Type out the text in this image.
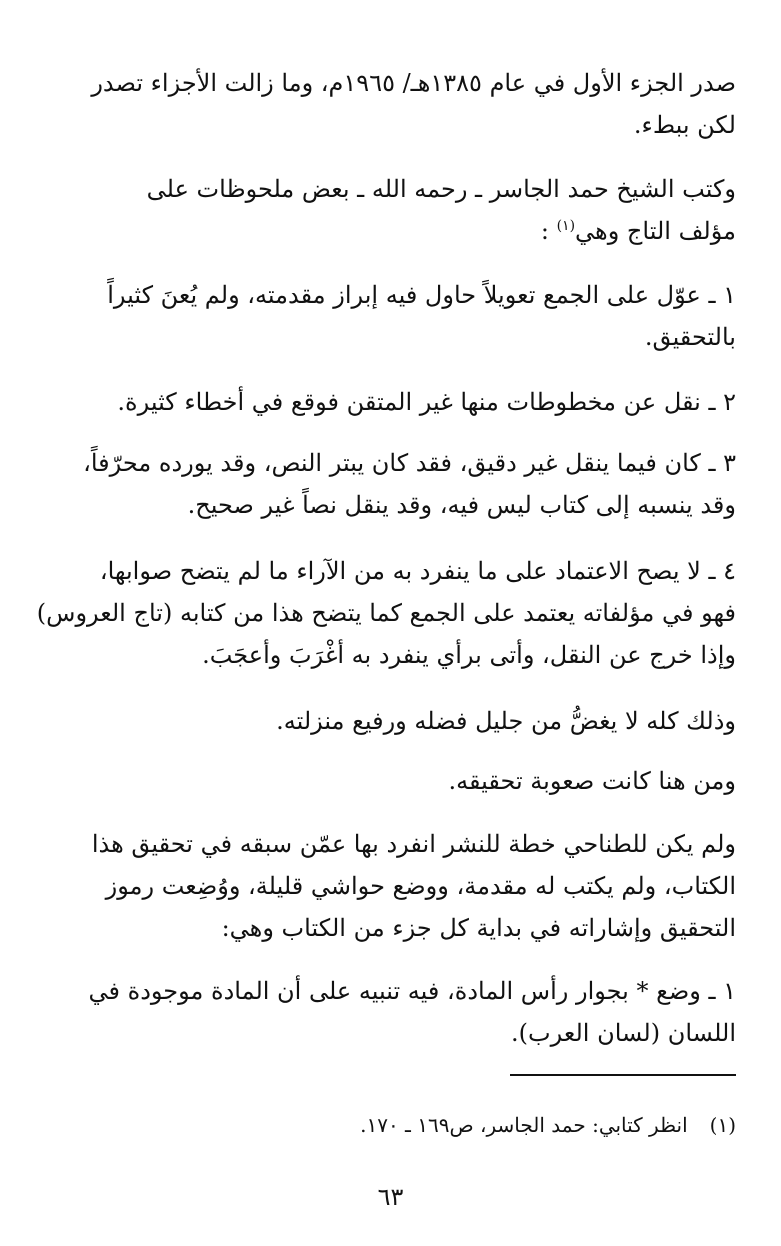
صدر الجزء الأول في عام ١٣٨٥هـ/ ١٩٦٥م، وما زالت الأجزاء تصدر
لكن ببطء.

وكتب الشيخ حمد الجاسر ـ رحمه الله ـ بعض ملحوظات على
مؤلف التاج وهي$^{(١)}$ :

١ ـ عوّل على الجمع تعويلاً حاول فيه إبراز مقدمته، ولم يُعنَ كثيراً
بالتحقيق.

٢ ـ نقل عن مخطوطات منها غير المتقن فوقع في أخطاء كثيرة.

٣ ـ كان فيما ينقل غير دقيق، فقد كان يبتر النص، وقد يورده محرّفاً،
وقد ينسبه إلى كتاب ليس فيه، وقد ينقل نصاً غير صحيح.

٤ ـ لا يصح الاعتماد على ما ينفرد به من الآراء ما لم يتضح صوابها،
فهو في مؤلفاته يعتمد على الجمع كما يتضح هذا من كتابه (تاج العروس)
وإذا خرج عن النقل، وأتى برأي ينفرد به أغْرَبَ وأعجَبَ.

وذلك كله لا يغضُّ من جليل فضله ورفيع منزلته.

ومن هنا كانت صعوبة تحقيقه.

ولم يكن للطناحي خطة للنشر انفرد بها عمّن سبقه في تحقيق هذا
الكتاب، ولم يكتب له مقدمة، ووضع حواشي قليلة، ووُضِعت رموز
التحقيق وإشاراته في بداية كل جزء من الكتاب وهي:

١ ـ وضع * بجوار رأس المادة، فيه تنبيه على أن المادة موجودة في
اللسان (لسان العرب).

(١)انظر كتابي: حمد الجاسر، ص١٦٩ ـ ١٧٠.
٦٣
